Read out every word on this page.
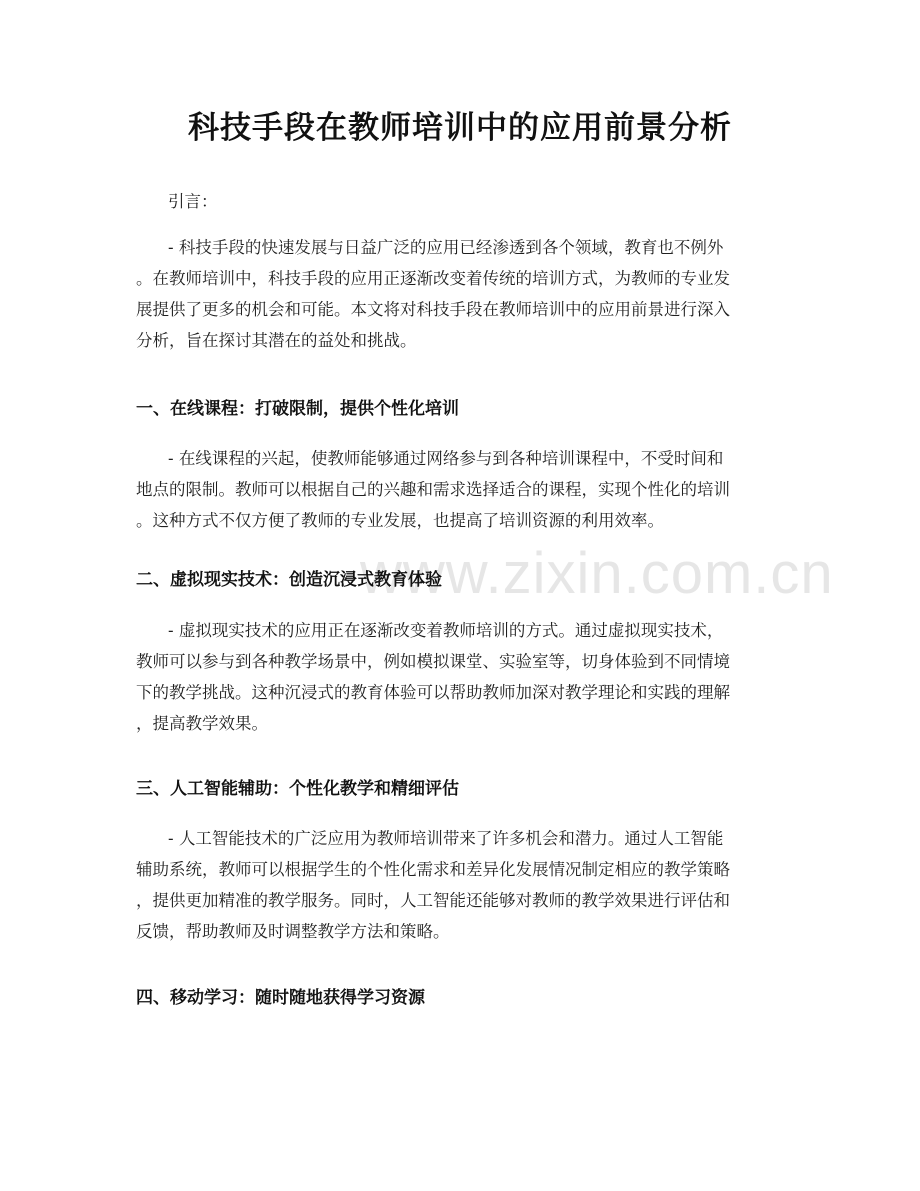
www.zixin.com.cn
科技手段在教师培训中的应用前景分析
引言：
- 科技手段的快速发展与日益广泛的应用已经渗透到各个领域，教育也不例外
。在教师培训中，科技手段的应用正逐渐改变着传统的培训方式，为教师的专业发
展提供了更多的机会和可能。本文将对科技手段在教师培训中的应用前景进行深入
分析，旨在探讨其潜在的益处和挑战。
一、在线课程：打破限制，提供个性化培训
- 在线课程的兴起，使教师能够通过网络参与到各种培训课程中，不受时间和
地点的限制。教师可以根据自己的兴趣和需求选择适合的课程，实现个性化的培训
。这种方式不仅方便了教师的专业发展，也提高了培训资源的利用效率。
二、虚拟现实技术：创造沉浸式教育体验
- 虚拟现实技术的应用正在逐渐改变着教师培训的方式。通过虚拟现实技术，
教师可以参与到各种教学场景中，例如模拟课堂、实验室等，切身体验到不同情境
下的教学挑战。这种沉浸式的教育体验可以帮助教师加深对教学理论和实践的理解
，提高教学效果。
三、人工智能辅助：个性化教学和精细评估
- 人工智能技术的广泛应用为教师培训带来了许多机会和潜力。通过人工智能
辅助系统，教师可以根据学生的个性化需求和差异化发展情况制定相应的教学策略
，提供更加精准的教学服务。同时，人工智能还能够对教师的教学效果进行评估和
反馈，帮助教师及时调整教学方法和策略。
四、移动学习：随时随地获得学习资源
